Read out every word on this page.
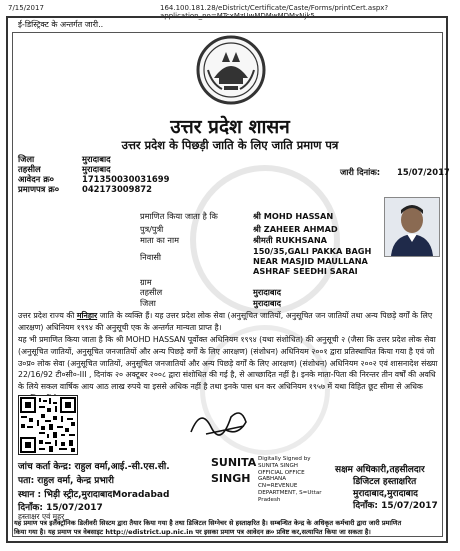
7/15/2017	164.100.181.28/eDistrict/Certificate/Caste/Forms/printCert.aspx?application_no=MTcxMzUwMDMwMDMxNjk5
ई-डिस्ट्रिक्ट के अन्तर्गत जारी..
उत्तर प्रदेश शासन
उत्तर प्रदेश के पिछड़ी जाति के लिए जाति प्रमाण पत्र
जिला	मुरादाबाद
तहसील	मुरादाबाद
आवेदन क्र०	171350030031699
प्रमाणपत्र क्र०	042173009872
जारी दिनांक: 15/07/2017
प्रमाणित किया जाता है कि	श्री MOHD HASSAN
पुत्र/पुत्री	श्री ZAHEER AHMAD
माता का नाम	श्रीमती RUKHSANA
निवासी
150/35,GALI PAKKA BAGH
NEAR MASJID MAULLANA
ASHRAF SEEDHI SARAI
ग्राम
तहसील	मुरादाबाद
जिला	मुरादाबाद
उत्तर प्रदेश राज्य की मनिहार जाति के व्यक्ति हैं। यह उत्तर प्रदेश लोक सेवा (अनुसूचित जातियों, अनुसूचित जन जातियों तथा अन्य पिछड़े वर्गों के लिए आरक्षण) अधिनियम १९९४ की अनुसूची एक के अन्तर्गत मान्यता प्राप्त है।
यह भी प्रमाणित किया जाता है कि श्री MOHD HASSAN पूर्वोक्त अधिनियम १९९४ (यथा संशोधित) की अनुसूची २ (जैसा कि उत्तर प्रदेश लोक सेवा (अनुसूचित जातियों, अनुसूचित जनजातियों और अन्य पिछड़े वर्गों के लिए आरक्षण) (संशोधन) अधिनियम २००१ द्वारा प्रतिस्थापित किया गया है एवं जो उ०प्र० लोक सेवा (अनुसूचित जातियों, अनुसूचित जनजातियों और अन्य पिछड़े वर्गों के लिए आरक्षण) (संशोधन) अधिनियम २००२ एवं शासनादेश संख्या 22/16/92 टी०सी०-III , दिनांक २० अक्टूबर २००८ द्वारा संशोधित की गई है, से आच्छादित नहीं है। इनके माता-पिता की निरन्तर तीन वर्षों की अवधि के लिये सकल वार्षिक आय आठ लाख रुपये या इससे अधिक नहीं है तथा इनके पास धन कर अधिनियम १९५७ में यथा विहित छूट सीमा से अधिक
जांच कर्ता केन्द्र: राहुल वर्मा,आई.-सी.एस.सी.
पता: राहुल वर्मा, केन्द्र प्रभारी
स्थान : भिड़ी स्ट्रीट,मुरादाबादMoradabad
दिनाँक: 15/07/2017
हस्ताक्षर एवं मुहर
SUNITA
SINGH
Digitally Signed by
SUNITA SINGH
OFFICIAL OFFICE
GABHANA
CN=REVENUE
DEPARTMENT, S=Uttar
Pradesh
सक्षम अधिकारी,तहसीलदार
डिजिटल हस्ताक्षरित
मुरादाबाद,मुरादाबाद
दिनाँक: 15/07/2017
यह प्रमाण पत्र इलेक्ट्रॉनिक डिलीवरी सिस्टम द्वारा तैयार किया गया है तथा डिजिटल सिग्नेचर से हस्ताक्षरित है। सम्बन्धित केन्द्र के अधिकृत कर्मचारी द्वारा जारी प्रमाणित
किया गया है। यह प्रमाण पत्र वेबसाइट http://edistrict.up.nic.in पर इसका प्रमाण पत्र आवेदन क्र० प्रविष्ट कर,सत्यापित किया जा सकता है।
